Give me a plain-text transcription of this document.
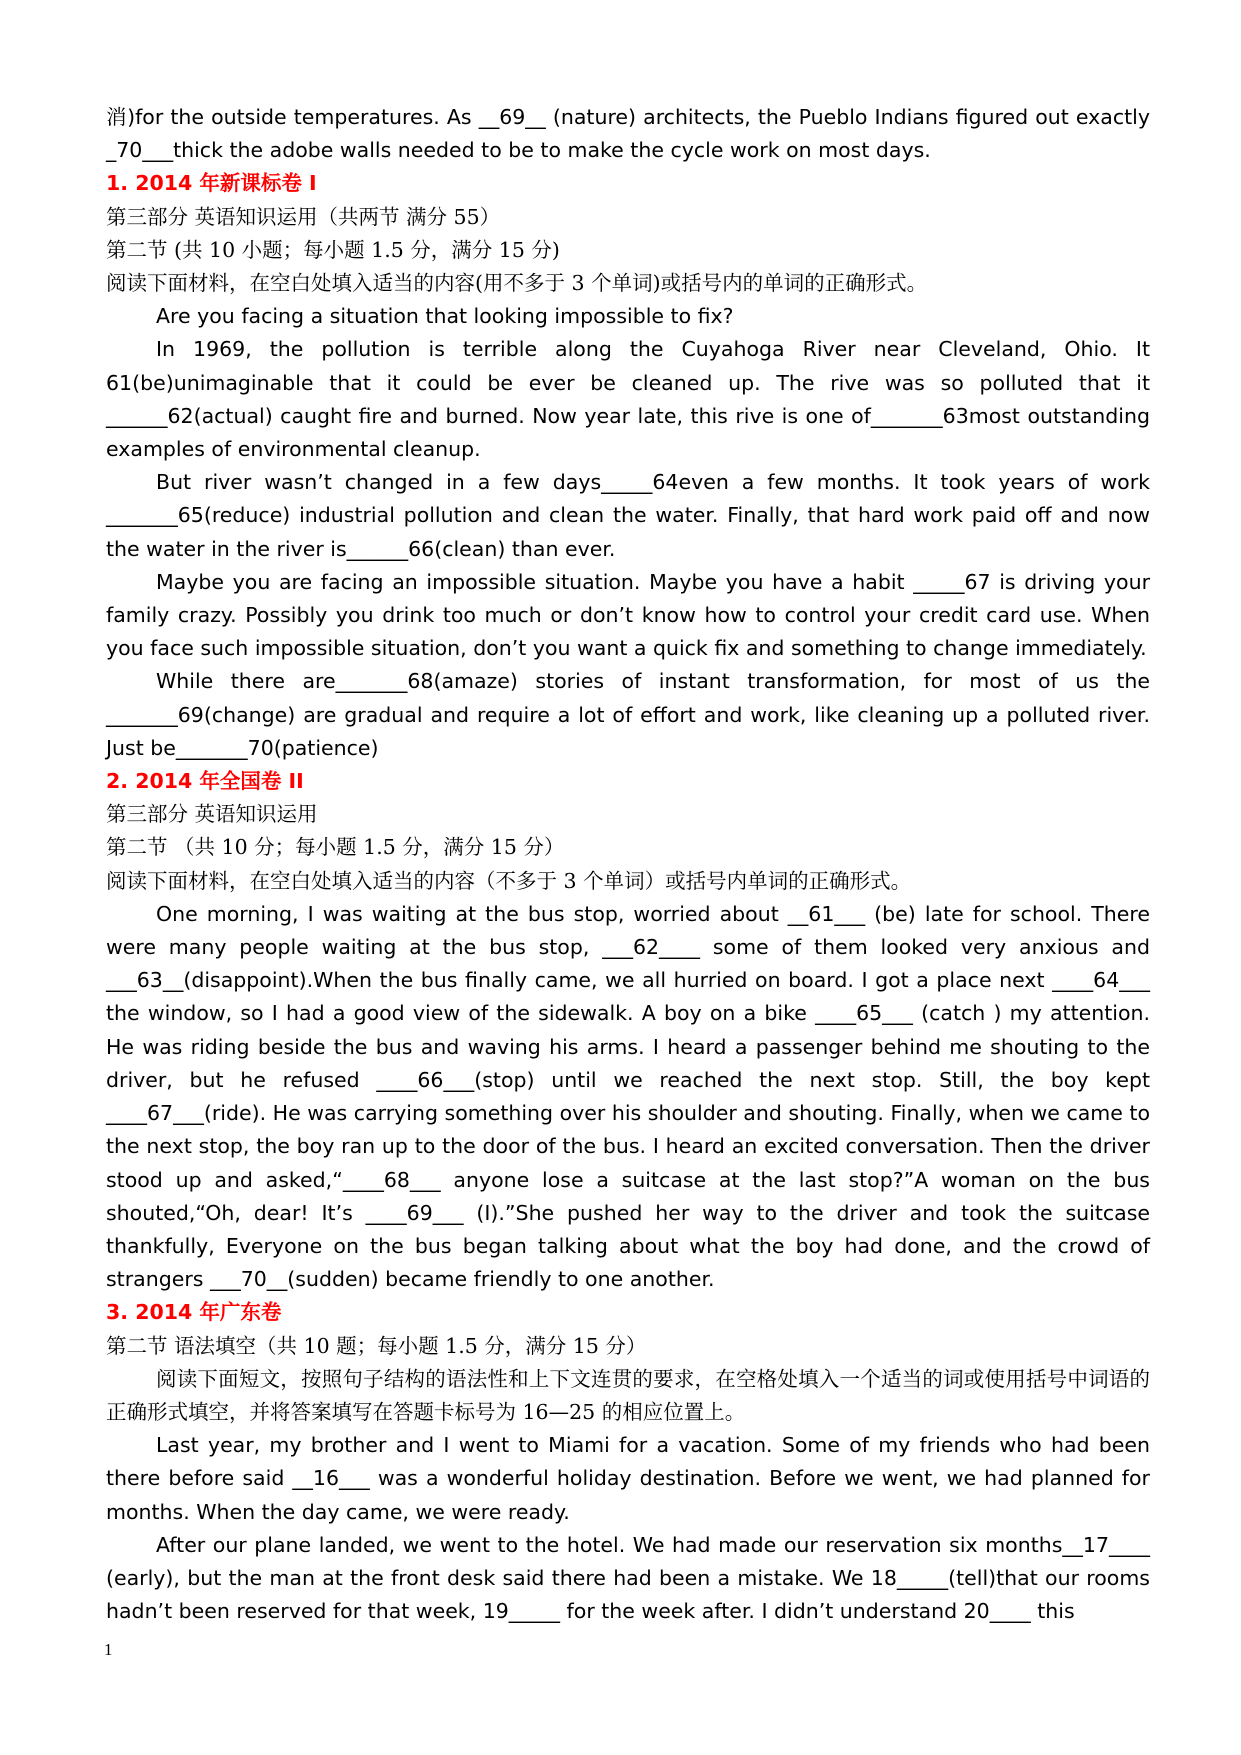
消)for the outside temperatures. As __69__ (nature) architects, the Pueblo Indians figured out exactly _70___thick the adobe walls needed to be to make the cycle work on most days.

1. 2014 年新课标卷 I

第三部分 英语知识运用（共两节 满分 55）

第二节 (共 10 小题；每小题 1.5 分，满分 15 分)

阅读下面材料，在空白处填入适当的内容(用不多于 3 个单词)或括号内的单词的正确形式。

Are you facing a situation that looking impossible to fix?

In 1969, the pollution is terrible along the Cuyahoga River near Cleveland, Ohio. It 61(be)unimaginable that it could be ever be cleaned up. The rive was so polluted that it ______62(actual) caught fire and burned. Now year late, this rive is one of_______63most outstanding examples of environmental cleanup.

But river wasn’t changed in a few days_____64even a few months. It took years of work _______65(reduce) industrial pollution and clean the water. Finally, that hard work paid off and now the water in the river is______66(clean) than ever.

Maybe you are facing an impossible situation. Maybe you have a habit _____67 is driving your family crazy. Possibly you drink too much or don’t know how to control your credit card use. When you face such impossible situation, don’t you want a quick fix and something to change immediately.

While there are_______68(amaze) stories of instant transformation, for most of us the _______69(change) are gradual and require a lot of effort and work, like cleaning up a polluted river. Just be_______70(patience)

2. 2014 年全国卷 II

第三部分 英语知识运用

第二节 （共 10 分；每小题 1.5 分，满分 15 分）

阅读下面材料，在空白处填入适当的内容（不多于 3 个单词）或括号内单词的正确形式。

One morning, I was waiting at the bus stop, worried about __61___ (be) late for school. There were many people waiting at the bus stop, ___62____ some of them looked very anxious and ___63__(disappoint).When the bus finally came, we all hurried on board. I got a place next ____64___ the window, so I had a good view of the sidewalk. A boy on a bike ____65___ (catch ) my attention. He was riding beside the bus and waving his arms. I heard a passenger behind me shouting to the driver, but he refused ____66___(stop) until we reached the next stop. Still, the boy kept ____67___(ride). He was carrying something over his shoulder and shouting. Finally, when we came to the next stop, the boy ran up to the door of the bus. I heard an excited conversation. Then the driver stood up and asked,“____68___ anyone lose a suitcase at the last stop?”A woman on the bus shouted,“Oh, dear! It’s ____69___ (I).”She pushed her way to the driver and took the suitcase thankfully, Everyone on the bus began talking about what the boy had done, and the crowd of strangers ___70__(sudden) became friendly to one another.

3. 2014 年广东卷

第二节 语法填空（共 10 题；每小题 1.5 分，满分 15 分）

阅读下面短文，按照句子结构的语法性和上下文连贯的要求，在空格处填入一个适当的词或使用括号中词语的正确形式填空，并将答案填写在答题卡标号为 16—25 的相应位置上。

Last year, my brother and I went to Miami for a vacation. Some of my friends who had been there before said __16___ was a wonderful holiday destination. Before we went, we had planned for months. When the day came, we were ready.

After our plane landed, we went to the hotel. We had made our reservation six months__17____ (early), but the man at the front desk said there had been a mistake. We 18_____(tell)that our rooms hadn’t been reserved for that week, 19_____ for the week after. I didn’t understand 20____ this

1
